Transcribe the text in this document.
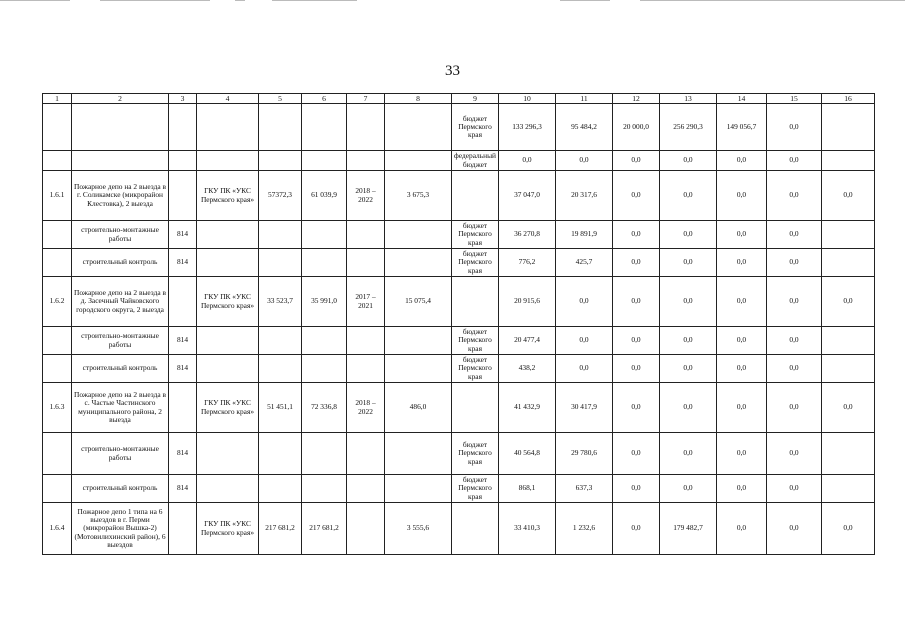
33
1	2	3	4	5	6	7	8	9	10	11	12	13	14	15	16
								бюджет Пермского края	133 296,3	95 484,2	20 000,0	256 290,3	149 056,7	0,0	
								федеральный бюджет	0,0	0,0	0,0	0,0	0,0	0,0	
1.6.1	Пожарное депо на 2 выезда в г. Соликамске (микрорайон Клестовка), 2 выезда		ГКУ ПК «УКС Пермского края»	57372,3	61 039,9	2018 – 2022	3 675,3		37 047,0	20 317,6	0,0	0,0	0,0	0,0	0,0
	строительно-монтажные работы	814						бюджет Пермского края	36 270,8	19 891,9	0,0	0,0	0,0	0,0	
	строительный контроль	814						бюджет Пермского края	776,2	425,7	0,0	0,0	0,0	0,0	
1.6.2	Пожарное депо на 2 выезда в д. Засечный Чайковского городского округа, 2 выезда		ГКУ ПК «УКС Пермского края»	33 523,7	35 991,0	2017 – 2021	15 075,4		20 915,6	0,0	0,0	0,0	0,0	0,0	0,0
	строительно-монтажные работы	814						бюджет Пермского края	20 477,4	0,0	0,0	0,0	0,0	0,0	
	строительный контроль	814						бюджет Пермского края	438,2	0,0	0,0	0,0	0,0	0,0	
1.6.3	Пожарное депо на 2 выезда в с. Частые Частинского муниципального района, 2 выезда		ГКУ ПК «УКС Пермского края»	51 451,1	72 336,8	2018 – 2022	486,0		41 432,9	30 417,9	0,0	0,0	0,0	0,0	0,0
	строительно-монтажные работы	814						бюджет Пермского края	40 564,8	29 780,6	0,0	0,0	0,0	0,0	
	строительный контроль	814						бюджет Пермского края	868,1	637,3	0,0	0,0	0,0	0,0	
1.6.4	Пожарное депо 1 типа на 6 выездов в г. Перми (микрорайон Вышка-2) (Мотовилихинский район), 6 выездов		ГКУ ПК «УКС Пермского края»	217 681,2	217 681,2		3 555,6		33 410,3	1 232,6	0,0	179 482,7	0,0	0,0	0,0
